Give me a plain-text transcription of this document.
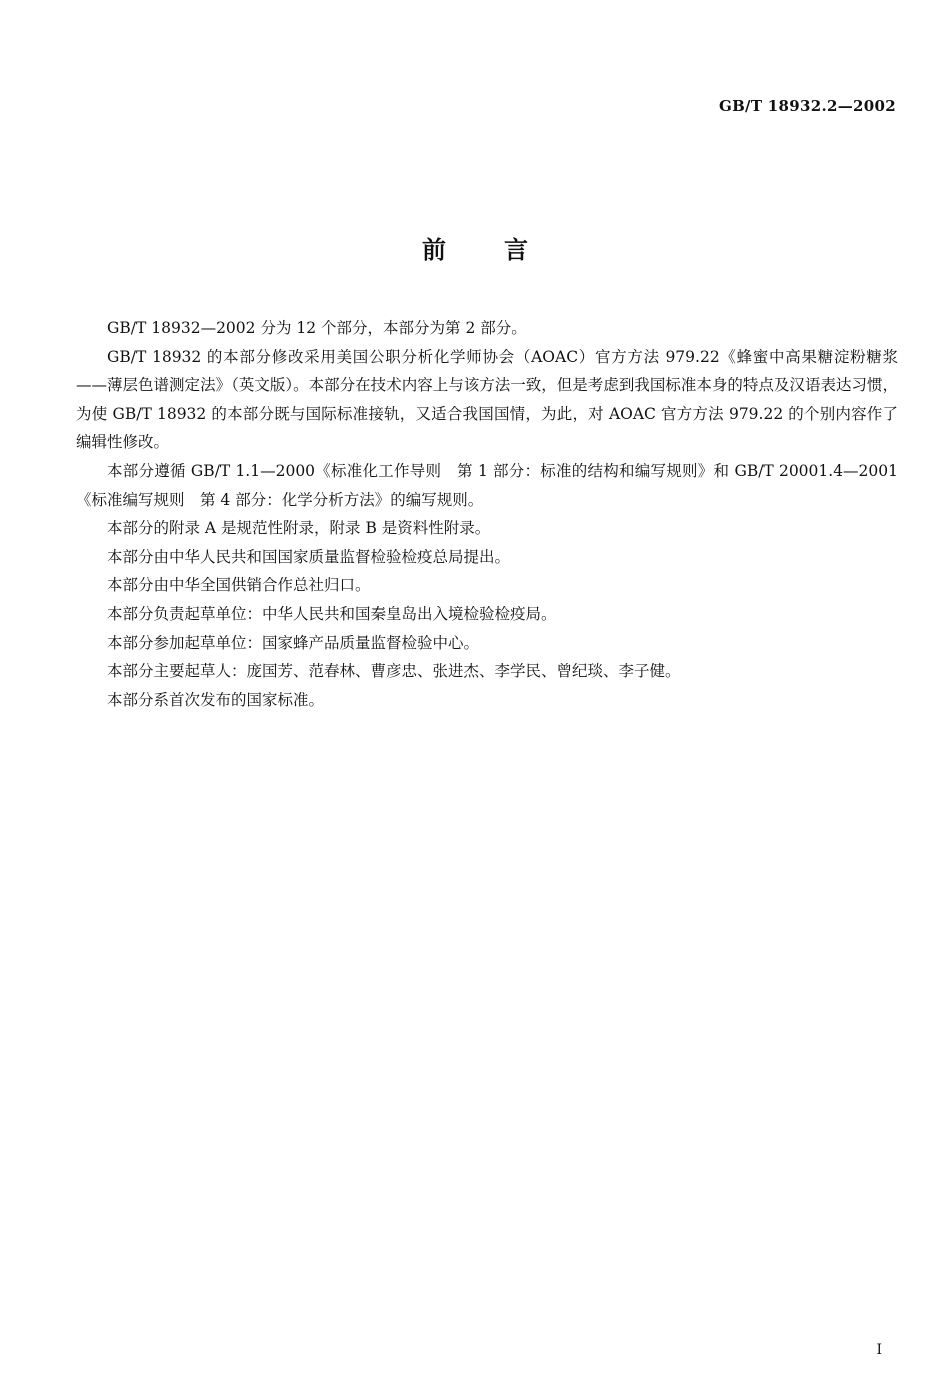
GB/T 18932.2—2002
前言

GB/T 18932—2002 分为 12 个部分，本部分为第 2 部分。

GB/T 18932 的本部分修改采用美国公职分析化学师协会（AOAC）官方方法 979.22《蜂蜜中高果糖淀粉糖浆——薄层色谱测定法》（英文版）。本部分在技术内容上与该方法一致，但是考虑到我国标准本身的特点及汉语表达习惯，为使 GB/T 18932 的本部分既与国际标准接轨，又适合我国国情，为此，对 AOAC 官方方法 979.22 的个别内容作了编辑性修改。

本部分遵循 GB/T 1.1—2000《标准化工作导则　第 1 部分：标准的结构和编写规则》和 GB/T 20001.4—2001《标准编写规则　第 4 部分：化学分析方法》的编写规则。

本部分的附录 A 是规范性附录，附录 B 是资料性附录。

本部分由中华人民共和国国家质量监督检验检疫总局提出。

本部分由中华全国供销合作总社归口。

本部分负责起草单位：中华人民共和国秦皇岛出入境检验检疫局。

本部分参加起草单位：国家蜂产品质量监督检验中心。

本部分主要起草人：庞国芳、范春林、曹彦忠、张进杰、李学民、曾纪琰、李子健。

本部分系首次发布的国家标准。

I
